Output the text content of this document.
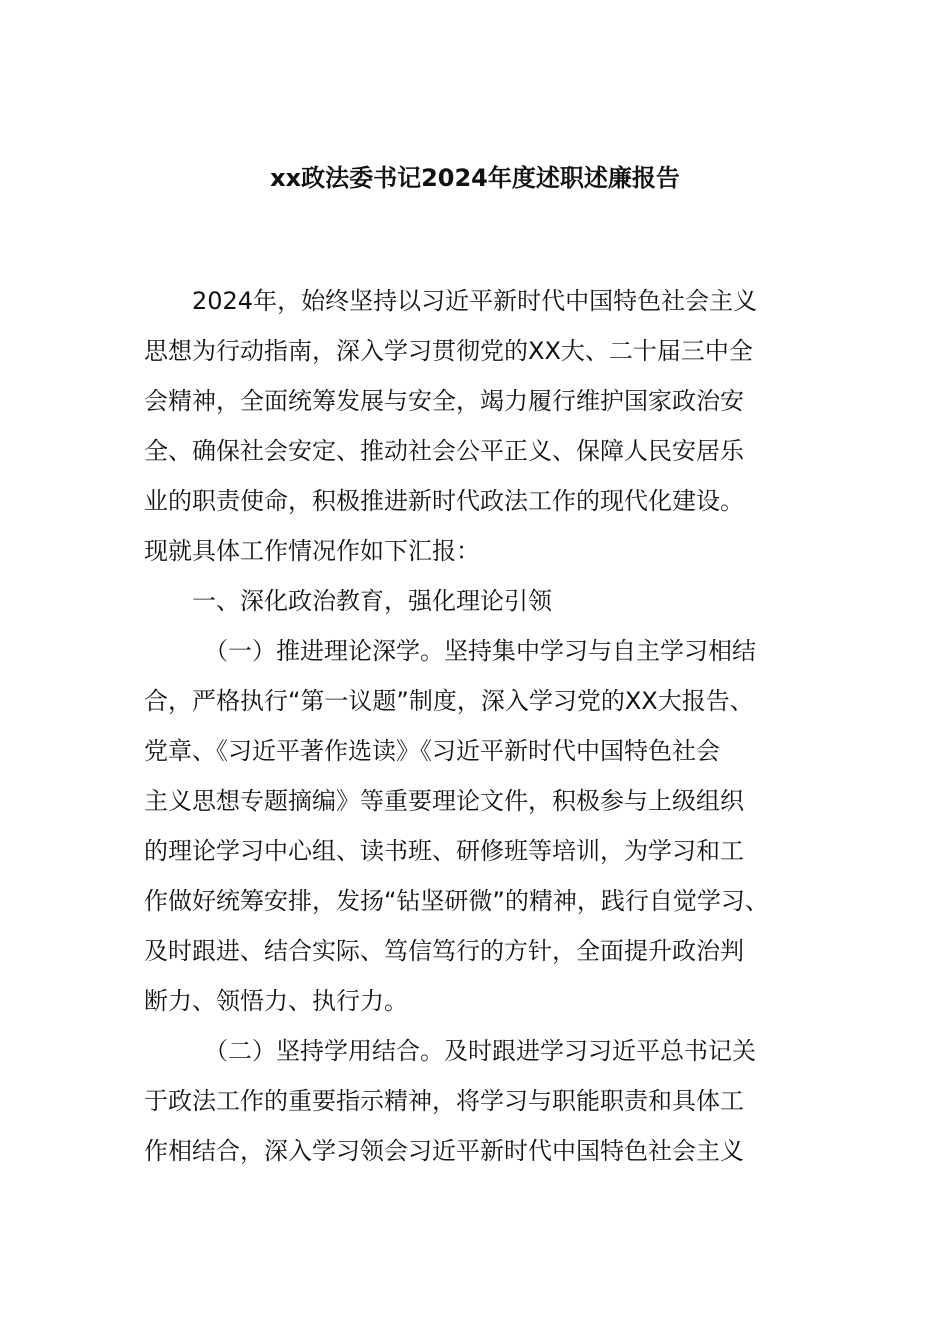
xx政法委书记2024年度述职述廉报告
2024年，始终坚持以习近平新时代中国特色社会主义
思想为行动指南，深入学习贯彻党的XX大、二十届三中全
会精神，全面统筹发展与安全，竭力履行维护国家政治安
全、确保社会安定、推动社会公平正义、保障人民安居乐
业的职责使命，积极推进新时代政法工作的现代化建设。
现就具体工作情况作如下汇报：
一、深化政治教育，强化理论引领
（一）推进理论深学。坚持集中学习与自主学习相结
合，严格执行“第一议题”制度，深入学习党的XX大报告、
党章、《习近平著作选读》《习近平新时代中国特色社会
主义思想专题摘编》等重要理论文件，积极参与上级组织
的理论学习中心组、读书班、研修班等培训，为学习和工
作做好统筹安排，发扬“钻坚研微”的精神，践行自觉学习、
及时跟进、结合实际、笃信笃行的方针，全面提升政治判
断力、领悟力、执行力。
（二）坚持学用结合。及时跟进学习习近平总书记关
于政法工作的重要指示精神，将学习与职能职责和具体工
作相结合，深入学习领会习近平新时代中国特色社会主义
